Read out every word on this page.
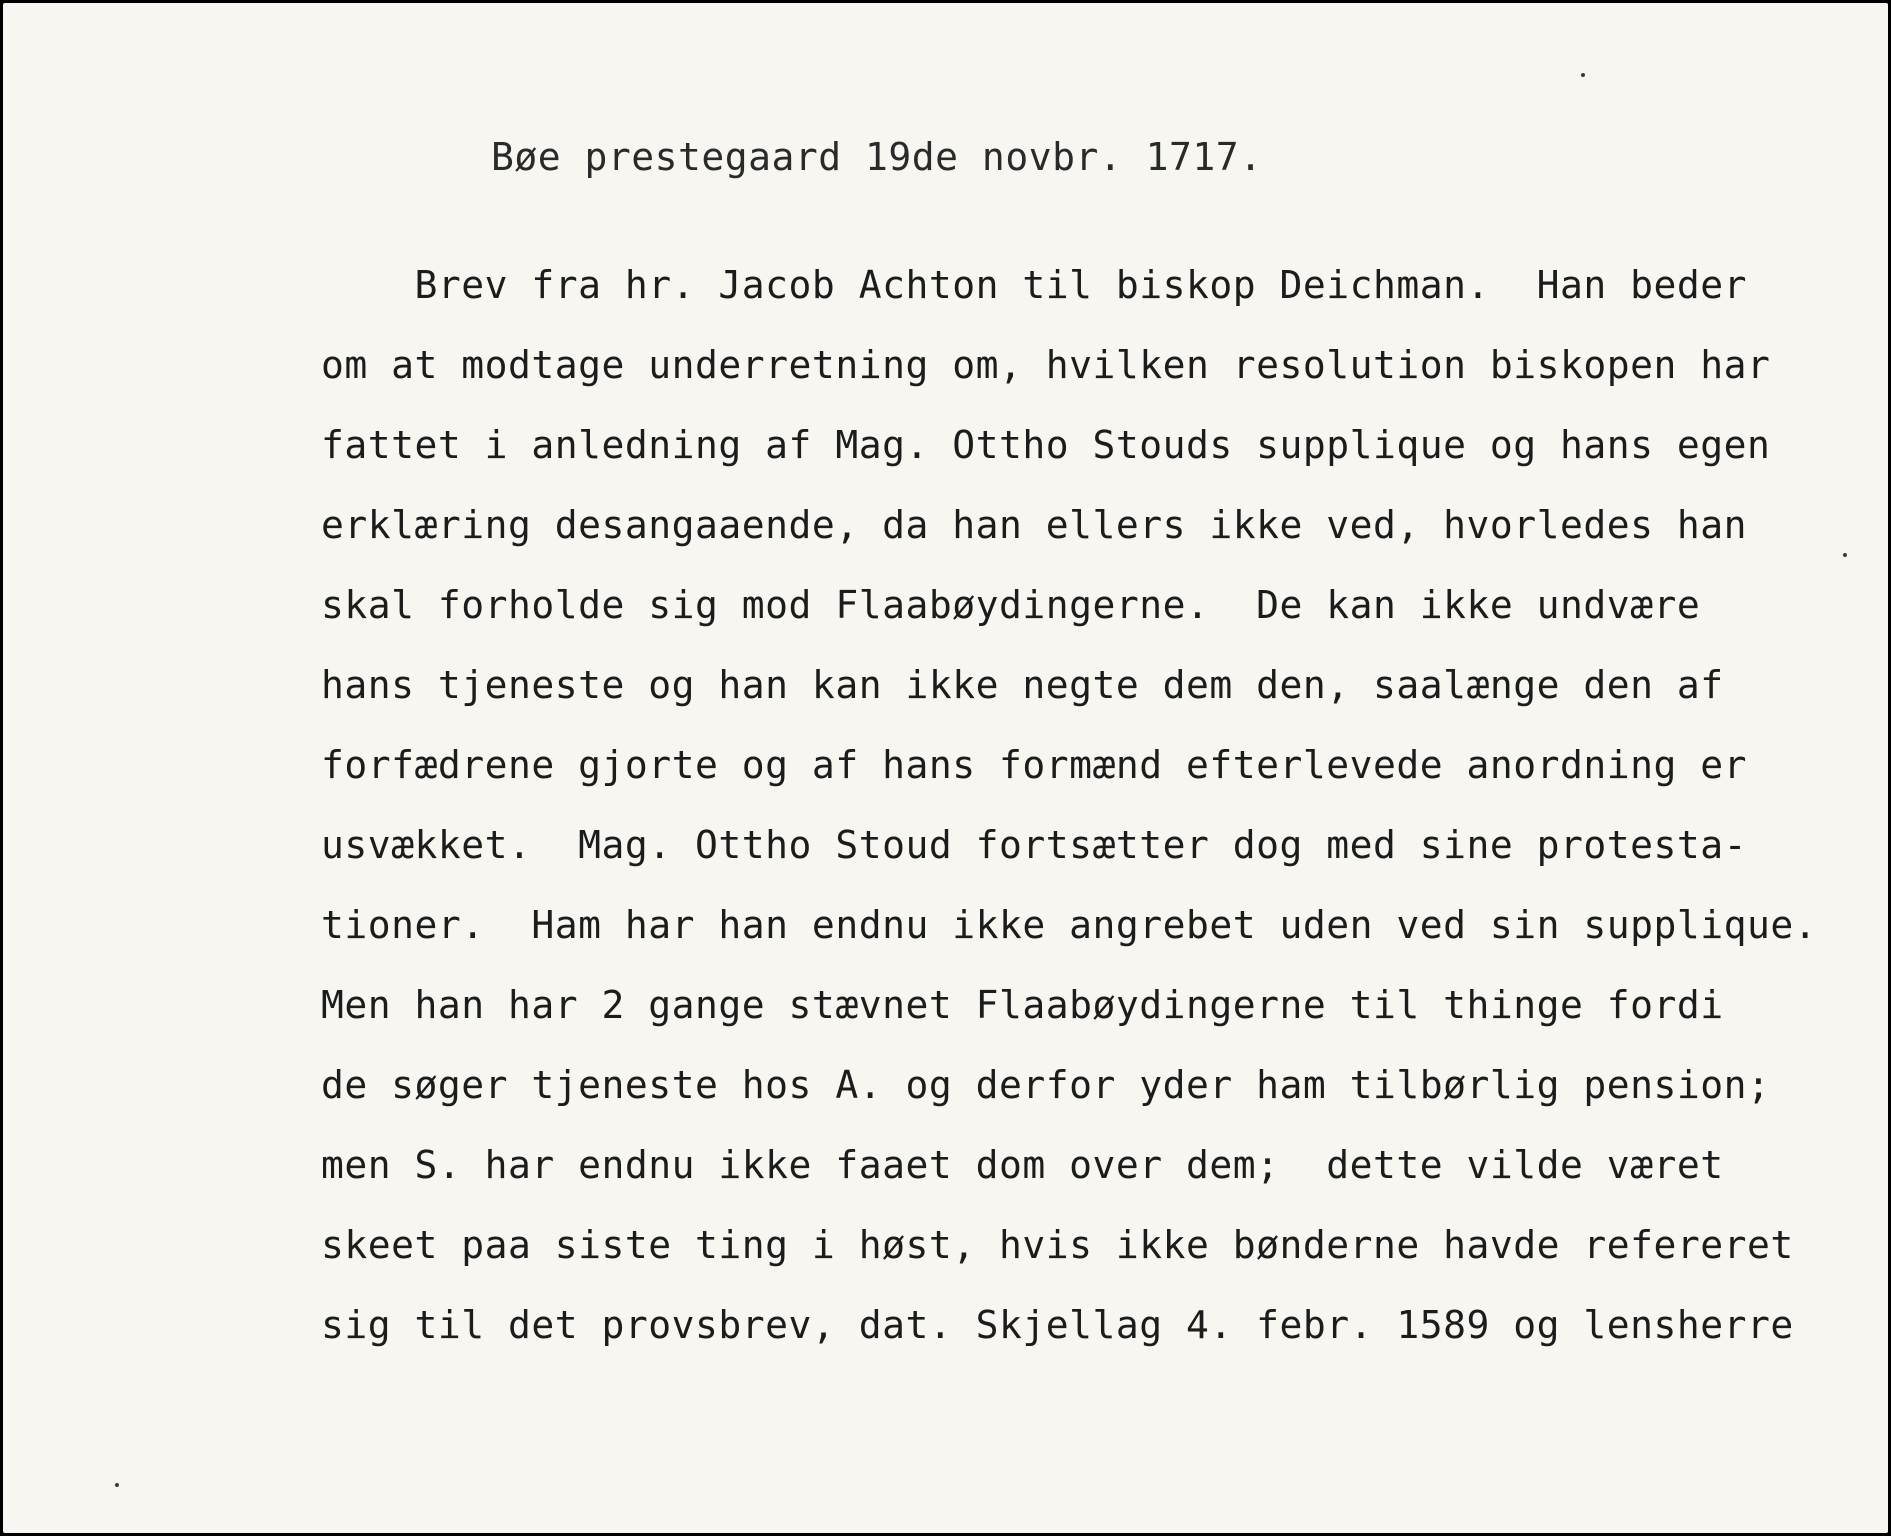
Bøe prestegaard 19de novbr. 1717.

Brev fra hr. Jacob Achton til biskop Deichman.  Han beder

om at modtage underretning om, hvilken resolution biskopen har

fattet i anledning af Mag. Ottho Stouds supplique og hans egen

erklæring desangaaende, da han ellers ikke ved, hvorledes han

skal forholde sig mod Flaabøydingerne.  De kan ikke undvære

hans tjeneste og han kan ikke negte dem den, saalænge den af

forfædrene gjorte og af hans formænd efterlevede anordning er

usvækket.  Mag. Ottho Stoud fortsætter dog med sine protesta-

tioner.  Ham har han endnu ikke angrebet uden ved sin supplique.

Men han har 2 gange stævnet Flaabøydingerne til thinge fordi

de søger tjeneste hos A. og derfor yder ham tilbørlig pension;

men S. har endnu ikke faaet dom over dem;  dette vilde været

skeet paa siste ting i høst, hvis ikke bønderne havde refereret

sig til det provsbrev, dat. Skjellag 4. febr. 1589 og lensherre
